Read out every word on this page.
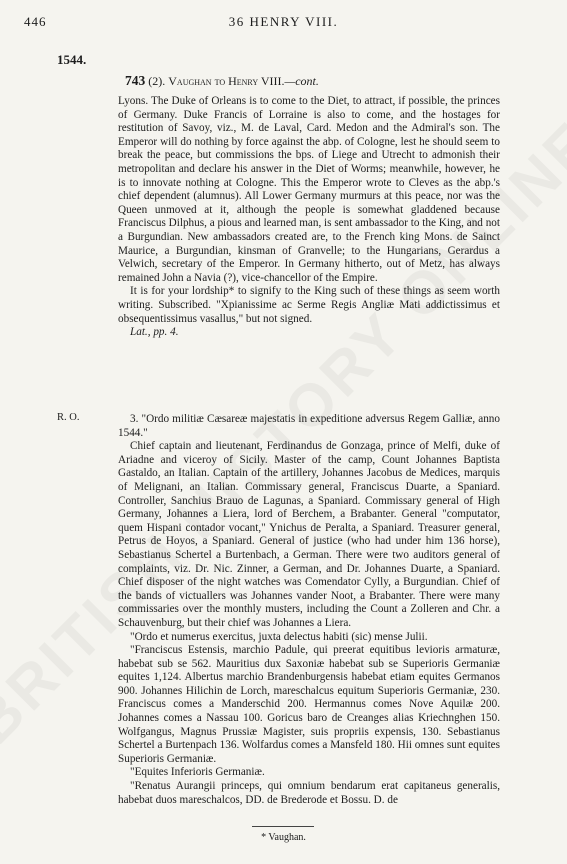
446	36 HENRY VIII.
1544.
743 (2). Vaughan to Henry VIII.—cont.

Lyons. The Duke of Orleans is to come to the Diet, to attract, if possible, the princes of Germany. Duke Francis of Lorraine is also to come, and the hostages for restitution of Savoy, viz., M. de Laval, Card. Medon and the Admiral's son. The Emperor will do nothing by force against the abp. of Cologne, lest he should seem to break the peace, but commissions the bps. of Liege and Utrecht to admonish their metropolitan and declare his answer in the Diet of Worms; meanwhile, however, he is to innovate nothing at Cologne. This the Emperor wrote to Cleves as the abp.'s chief dependent (alumnus). All Lower Germany murmurs at this peace, nor was the Queen unmoved at it, although the people is somewhat gladdened because Franciscus Dilphus, a pious and learned man, is sent ambassador to the King, and not a Burgundian. New ambassadors created are, to the French king Mons. de Sainct Maurice, a Burgundian, kinsman of Granvelle; to the Hungarians, Gerardus a Velwich, secretary of the Emperor. In Germany hitherto, out of Metz, has always remained John a Navia (?), vice-chancellor of the Empire.

It is for your lordship* to signify to the King such of these things as seem worth writing. Subscribed. "Xpianissime ac Serme Regis Angliæ Mati addictissimus et obsequentissimus vasallus," but not signed.

Lat., pp. 4.

R. O.	3. "Ordo militiæ Cæsareæ majestatis in expeditione adversus Regem Galliæ, anno 1544."

Chief captain and lieutenant, Ferdinandus de Gonzaga, prince of Melfi, duke of Ariadne and viceroy of Sicily. Master of the camp, Count Johannes Baptista Gastaldo, an Italian. Captain of the artillery, Johannes Jacobus de Medices, marquis of Melignani, an Italian. Commissary general, Franciscus Duarte, a Spaniard. Controller, Sanchius Brauo de Lagunas, a Spaniard. Commissary general of High Germany, Johannes a Liera, lord of Berchem, a Brabanter. General "computator, quem Hispani contador vocant," Ynichus de Peralta, a Spaniard. Treasurer general, Petrus de Hoyos, a Spaniard. General of justice (who had under him 136 horse), Sebastianus Schertel a Burtenbach, a German. There were two auditors general of complaints, viz. Dr. Nic. Zinner, a German, and Dr. Johannes Duarte, a Spaniard. Chief disposer of the night watches was Comendator Cylly, a Burgundian. Chief of the bands of victuallers was Johannes vander Noot, a Brabanter. There were many commissaries over the monthly musters, including the Count a Zolleren and Chr. a Schauvenburg, but their chief was Johannes a Liera.

"Ordo et numerus exercitus, juxta delectus habiti (sic) mense Julii.

"Franciscus Estensis, marchio Padule, qui preerat equitibus levioris armaturæ, habebat sub se 562. Mauritius dux Saxoniæ habebat sub se Superioris Germaniæ equites 1,124. Albertus marchio Brandenburgensis habebat etiam equites Germanos 900. Johannes Hilichin de Lorch, mareschalcus equitum Superioris Germaniæ, 230. Franciscus comes a Manderschid 200. Hermannus comes Nove Aquilæ 200. Johannes comes a Nassau 100. Goricus baro de Creanges alias Kriechnghen 150. Wolfgangus, Magnus Prussiæ Magister, suis propriis expensis, 130. Sebastianus Schertel a Burtenpach 136. Wolfardus comes a Mansfeld 180. Hii omnes sunt equites Superioris Germaniæ.

"Equites Inferioris Germaniæ.

"Renatus Aurangii princeps, qui omnium bendarum erat capitaneus generalis, habebat duos mareschalcos, DD. de Brederode et Bossu. D. de

* Vaughan.
